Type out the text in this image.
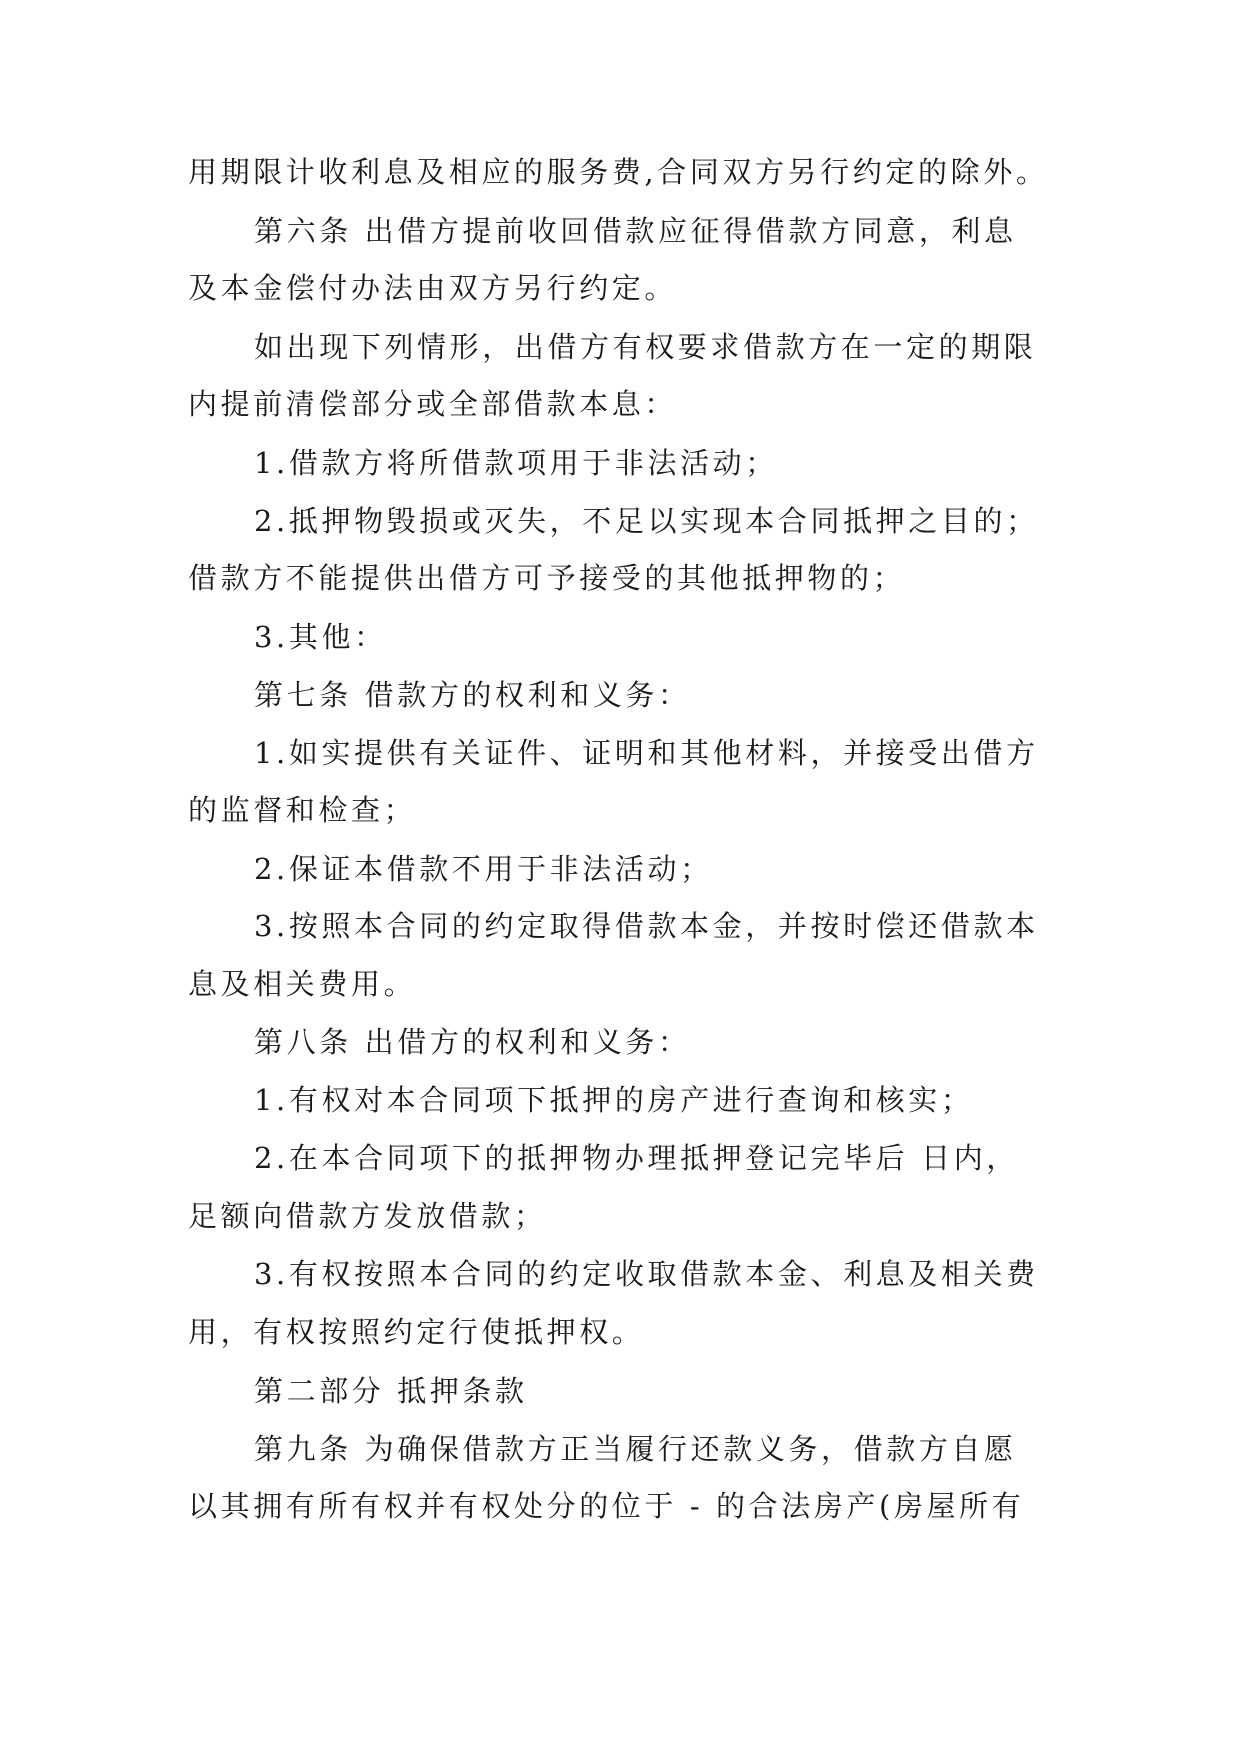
用期限计收利息及相应的服务费,合同双方另行约定的除外。
第六条 出借方提前收回借款应征得借款方同意，利息
及本金偿付办法由双方另行约定。
如出现下列情形，出借方有权要求借款方在一定的期限
内提前清偿部分或全部借款本息：
1.借款方将所借款项用于非法活动；
2.抵押物毁损或灭失，不足以实现本合同抵押之目的；
借款方不能提供出借方可予接受的其他抵押物的；
3.其他：
第七条 借款方的权利和义务：
1.如实提供有关证件、证明和其他材料，并接受出借方
的监督和检查；
2.保证本借款不用于非法活动；
3.按照本合同的约定取得借款本金，并按时偿还借款本
息及相关费用。
第八条 出借方的权利和义务：
1.有权对本合同项下抵押的房产进行查询和核实；
2.在本合同项下的抵押物办理抵押登记完毕后 日内，
足额向借款方发放借款；
3.有权按照本合同的约定收取借款本金、利息及相关费
用，有权按照约定行使抵押权。
第二部分 抵押条款
第九条 为确保借款方正当履行还款义务，借款方自愿
以其拥有所有权并有权处分的位于 - 的合法房产(房屋所有
